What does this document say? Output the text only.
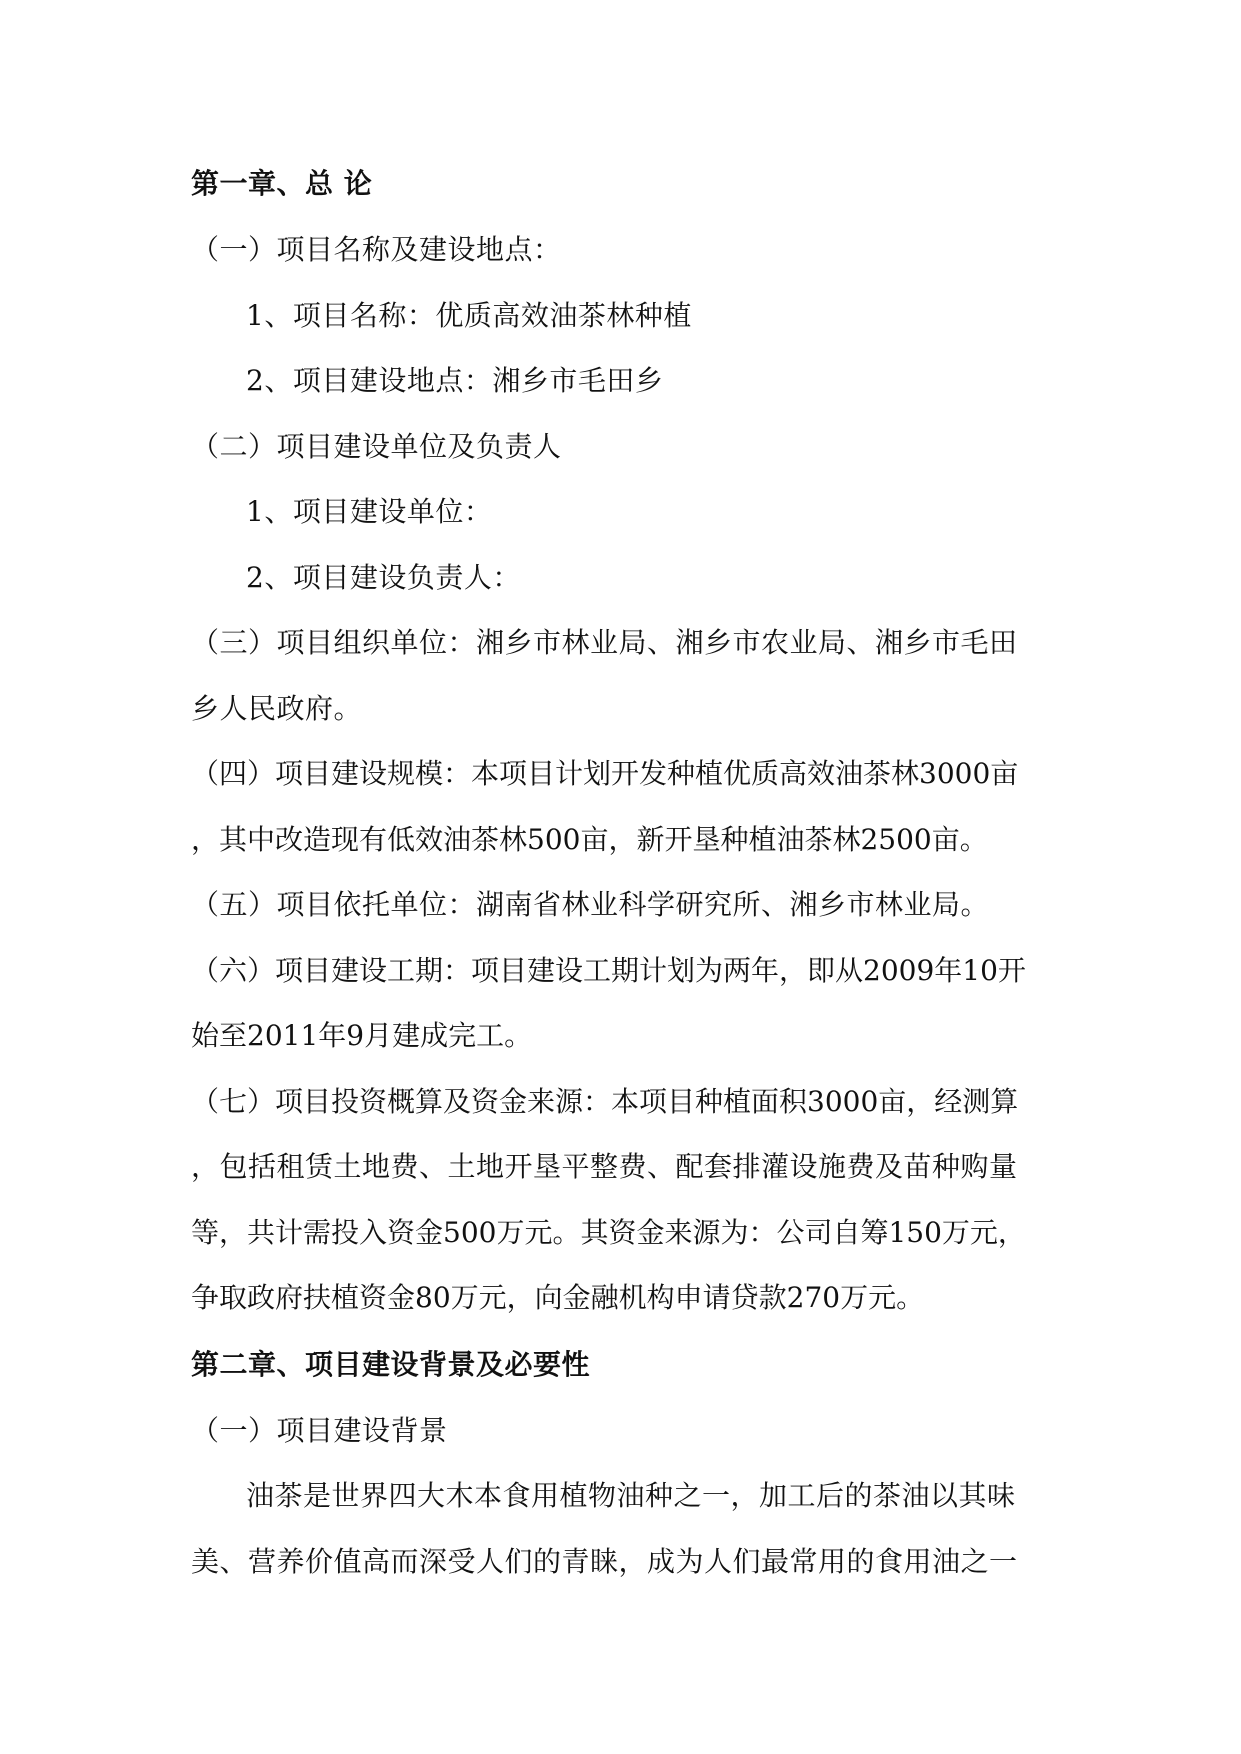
第一章、总 论
（一）项目名称及建设地点：
1、项目名称：优质高效油茶林种植
2、项目建设地点：湘乡市毛田乡
（二）项目建设单位及负责人
1、项目建设单位：
2、项目建设负责人：
（三）项目组织单位：湘乡市林业局、湘乡市农业局、湘乡市毛田
乡人民政府。
（四）项目建设规模：本项目计划开发种植优质高效油茶林3000亩
，其中改造现有低效油茶林500亩，新开垦种植油茶林2500亩。
（五）项目依托单位：湖南省林业科学研究所、湘乡市林业局。
（六）项目建设工期：项目建设工期计划为两年，即从2009年10开
始至2011年9月建成完工。
（七）项目投资概算及资金来源：本项目种植面积3000亩，经测算
，包括租赁土地费、土地开垦平整费、配套排灌设施费及苗种购量
等，共计需投入资金500万元。其资金来源为：公司自筹150万元，
争取政府扶植资金80万元，向金融机构申请贷款270万元。
第二章、项目建设背景及必要性
（一）项目建设背景
油茶是世界四大木本食用植物油种之一，加工后的茶油以其味
美、营养价值高而深受人们的青睐，成为人们最常用的食用油之一
